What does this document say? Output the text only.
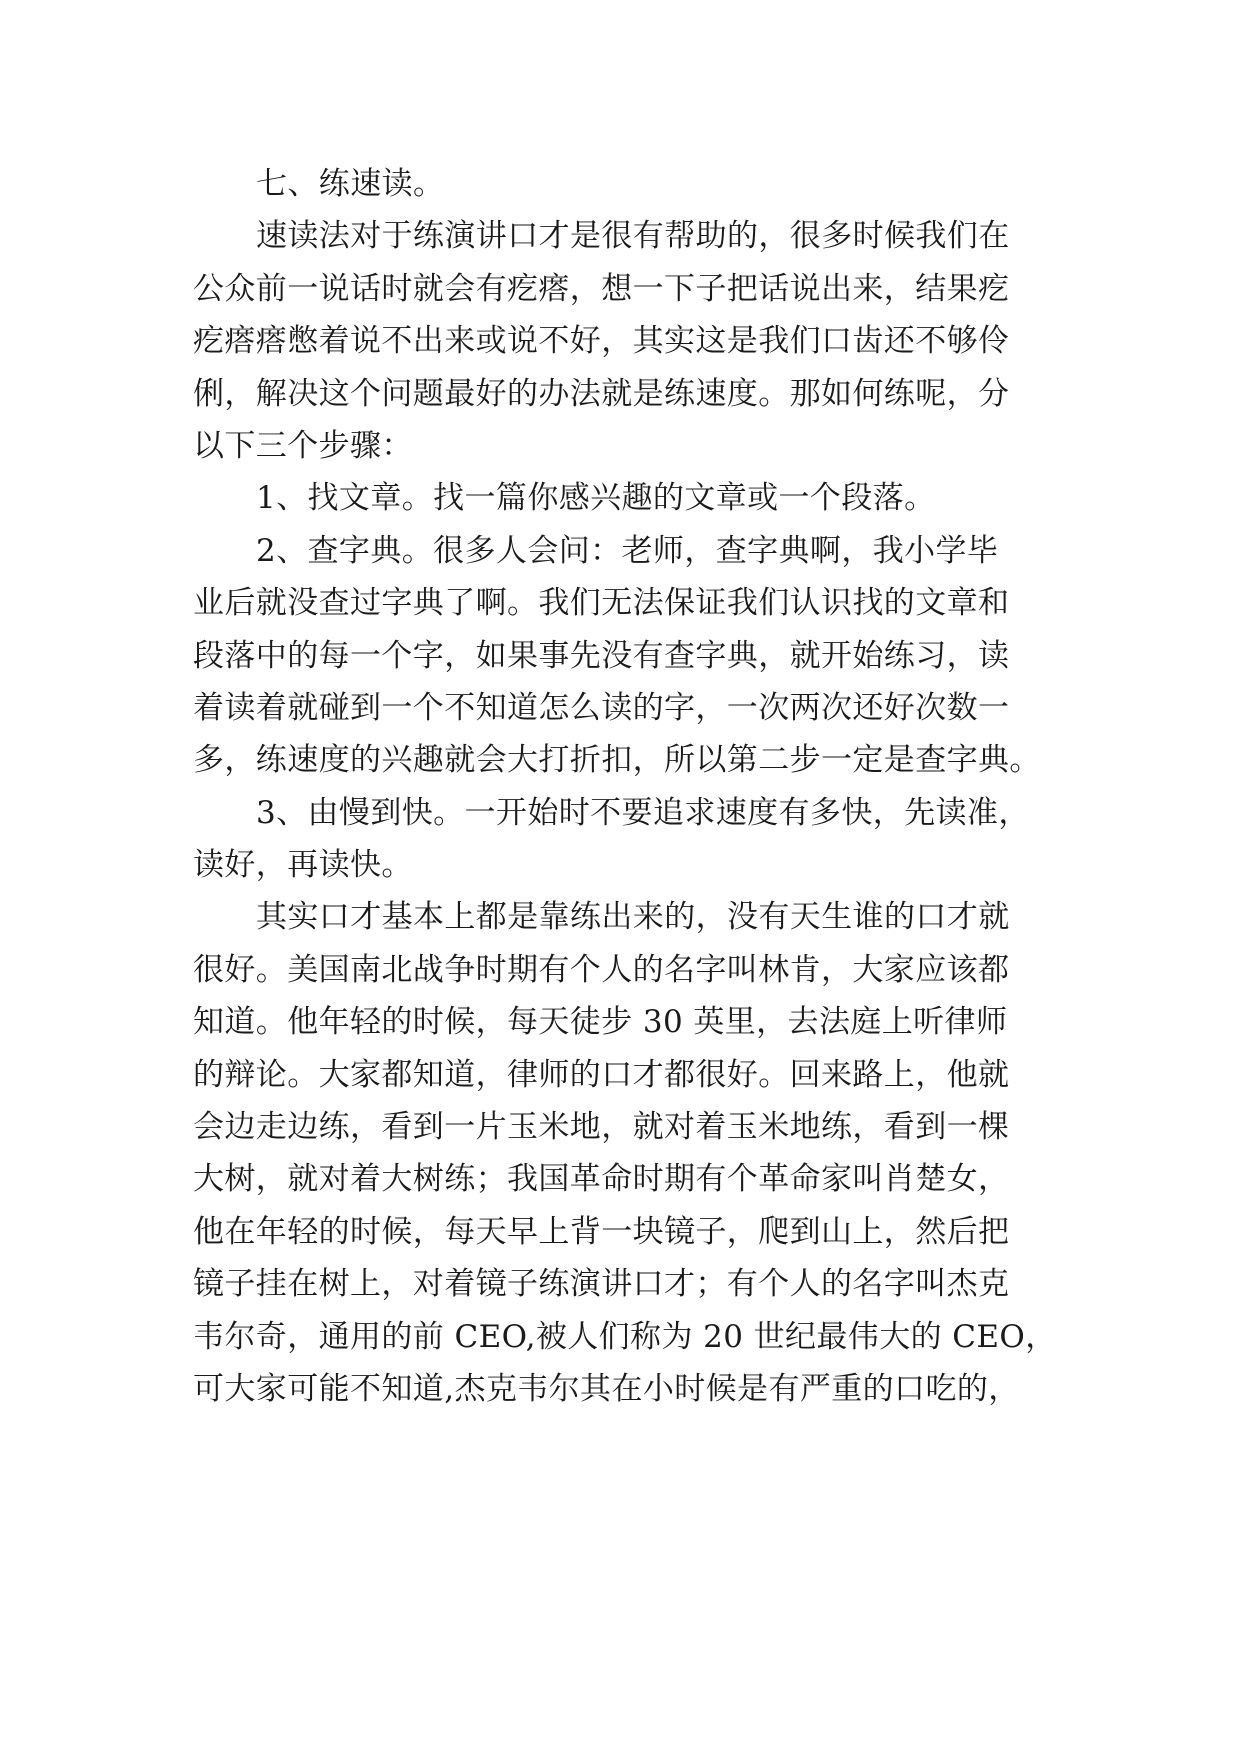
七、练速读。
速读法对于练演讲口才是很有帮助的，很多时候我们在
公众前一说话时就会有疙瘩，想一下子把话说出来，结果疙
疙瘩瘩憋着说不出来或说不好，其实这是我们口齿还不够伶
俐，解决这个问题最好的办法就是练速度。那如何练呢，分
以下三个步骤：
1、找文章。找一篇你感兴趣的文章或一个段落。
2、查字典。很多人会问：老师，查字典啊，我小学毕
业后就没查过字典了啊。我们无法保证我们认识找的文章和
段落中的每一个字，如果事先没有查字典，就开始练习，读
着读着就碰到一个不知道怎么读的字，一次两次还好次数一
多，练速度的兴趣就会大打折扣，所以第二步一定是查字典。
3、由慢到快。一开始时不要追求速度有多快，先读准，
读好，再读快。
其实口才基本上都是靠练出来的，没有天生谁的口才就
很好。美国南北战争时期有个人的名字叫林肯，大家应该都
知道。他年轻的时候，每天徒步 30 英里，去法庭上听律师
的辩论。大家都知道，律师的口才都很好。回来路上，他就
会边走边练，看到一片玉米地，就对着玉米地练，看到一棵
大树，就对着大树练；我国革命时期有个革命家叫肖楚女，
他在年轻的时候，每天早上背一块镜子，爬到山上，然后把
镜子挂在树上，对着镜子练演讲口才；有个人的名字叫杰克
韦尔奇，通用的前 CEO,被人们称为 20 世纪最伟大的 CEO，
可大家可能不知道,杰克韦尔其在小时候是有严重的口吃的，
